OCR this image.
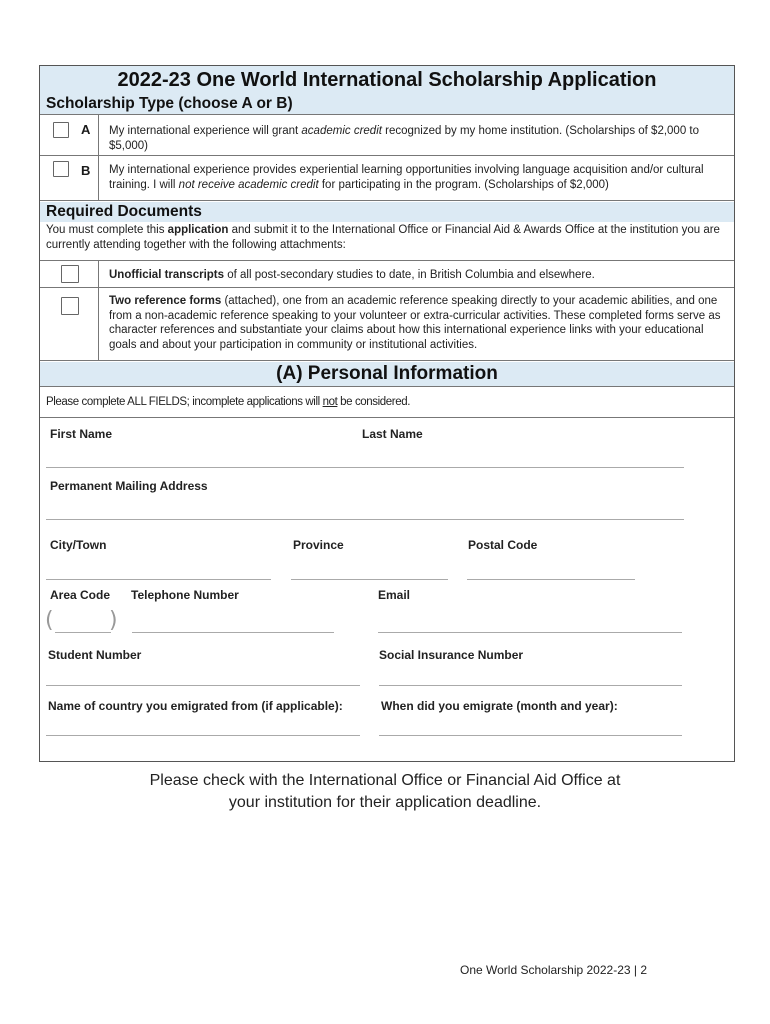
2022-23 One World International Scholarship Application
Scholarship Type (choose A or B)
A My international experience will grant academic credit recognized by my home institution. (Scholarships of $2,000 to $5,000)
B My international experience provides experiential learning opportunities involving language acquisition and/or cultural training. I will not receive academic credit for participating in the program. (Scholarships of $2,000)
Required Documents
You must complete this application and submit it to the International Office or Financial Aid & Awards Office at the institution you are currently attending together with the following attachments:
Unofficial transcripts of all post-secondary studies to date, in British Columbia and elsewhere.
Two reference forms (attached), one from an academic reference speaking directly to your academic abilities, and one from a non-academic reference speaking to your volunteer or extra-curricular activities. These completed forms serve as character references and substantiate your claims about how this international experience links with your educational goals and about your participation in community or institutional activities.
(A) Personal Information
Please complete ALL FIELDS; incomplete applications will not be considered.
First Name	Last Name
Permanent Mailing Address
City/Town	Province	Postal Code
Area Code Telephone Number	Email
(	)
Student Number	Social Insurance Number
Name of country you emigrated from (if applicable):	When did you emigrate (month and year):
Please check with the International Office or Financial Aid Office at
your institution for their application deadline.
One World Scholarship 2022-23 | 2
